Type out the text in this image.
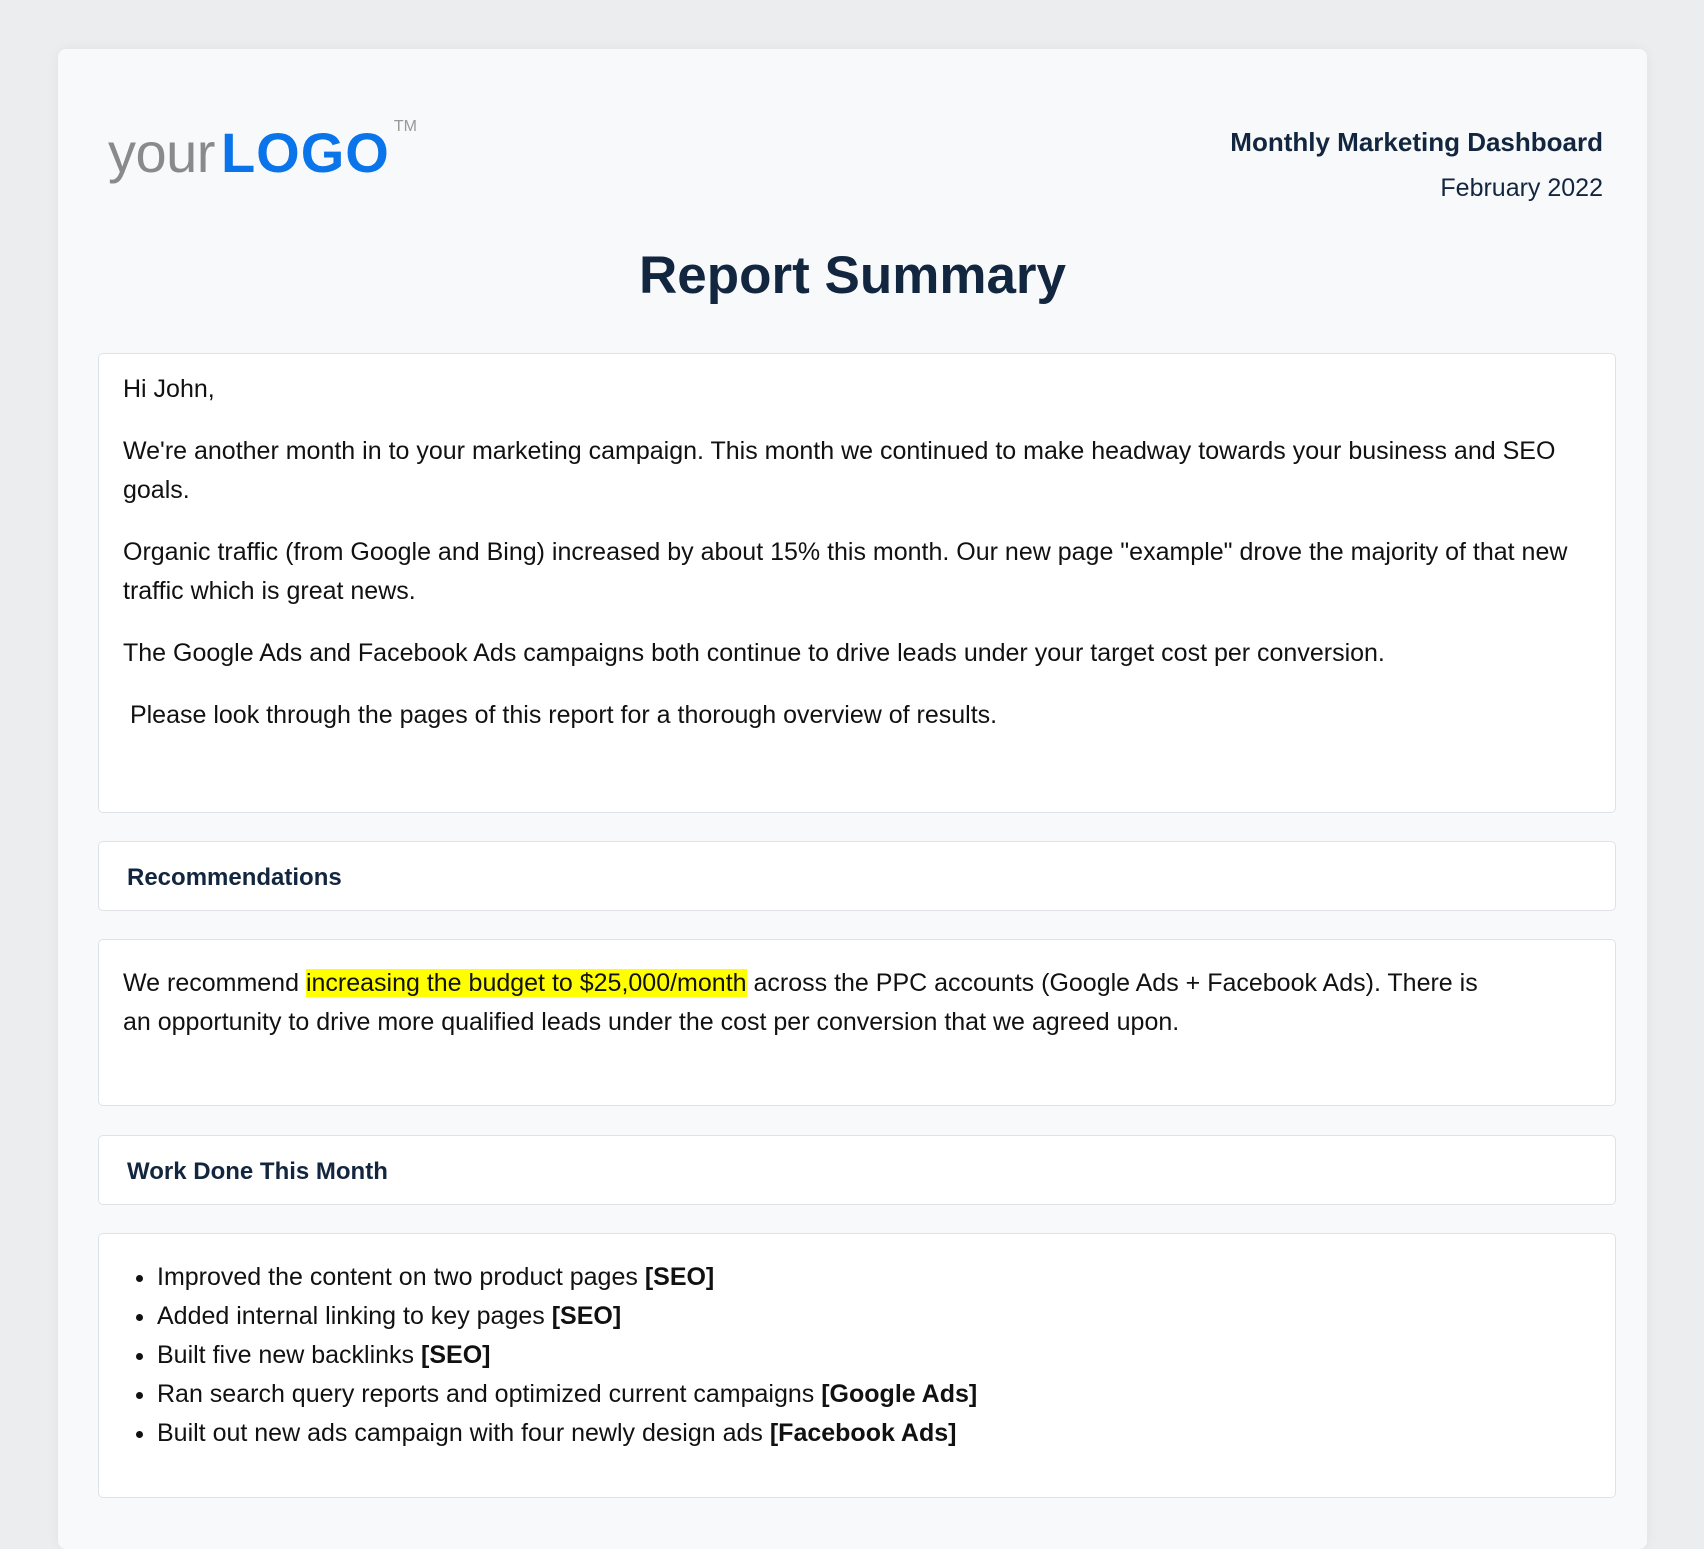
your LOGO ™
Monthly Marketing Dashboard
February 2022
Report Summary

Hi John,

We're another month in to your marketing campaign. This month we continued to make headway towards your business and SEO goals.

Organic traffic (from Google and Bing) increased by about 15% this month. Our new page "example" drove the majority of that new traffic which is great news.

The Google Ads and Facebook Ads campaigns both continue to drive leads under your target cost per conversion.

Please look through the pages of this report for a thorough overview of results.

Recommendations

We recommend increasing the budget to $25,000/month across the PPC accounts (Google Ads + Facebook Ads). There is an opportunity to drive more qualified leads under the cost per conversion that we agreed upon.

Work Done This Month
• Improved the content on two product pages [SEO]
• Added internal linking to key pages [SEO]
• Built five new backlinks [SEO]
• Ran search query reports and optimized current campaigns [Google Ads]
• Built out new ads campaign with four newly design ads [Facebook Ads]
